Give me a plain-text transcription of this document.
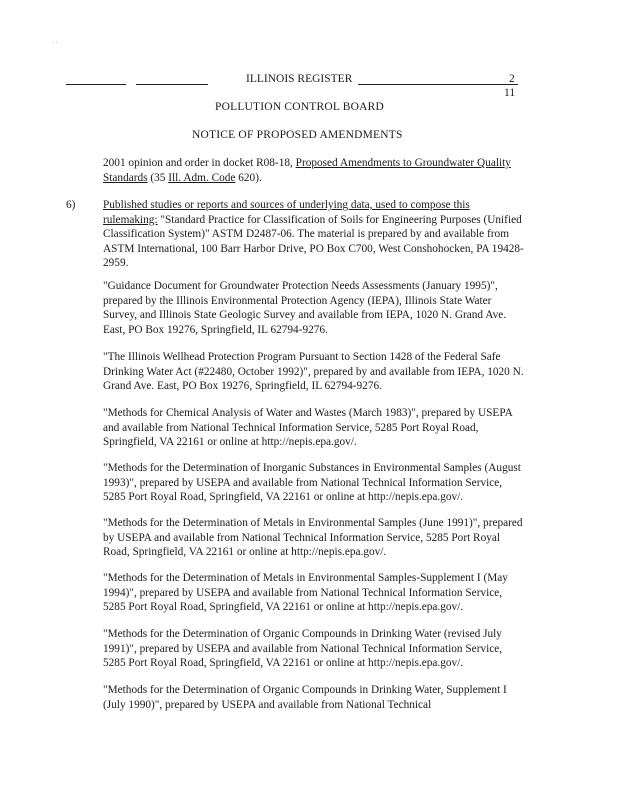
· ·
ILLINOIS REGISTER	2
11
POLLUTION CONTROL BOARD
NOTICE OF PROPOSED AMENDMENTS

2001 opinion and order in docket R08-18, Proposed Amendments to Groundwater Quality Standards (35 Ill. Adm. Code 620).

6) Published studies or reports and sources of underlying data, used to compose this rulemaking: "Standard Practice for Classification of Soils for Engineering Purposes (Unified Classification System)" ASTM D2487-06. The material is prepared by and available from ASTM International, 100 Barr Harbor Drive, PO Box C700, West Conshohocken, PA 19428-2959.

"Guidance Document for Groundwater Protection Needs Assessments (January 1995)", prepared by the Illinois Environmental Protection Agency (IEPA), Illinois State Water Survey, and Illinois State Geologic Survey and available from IEPA, 1020 N. Grand Ave. East, PO Box 19276, Springfield, IL 62794-9276.
"The Illinois Wellhead Protection Program Pursuant to Section 1428 of the Federal Safe Drinking Water Act (#22480, October 1992)", prepared by and available from IEPA, 1020 N. Grand Ave. East, PO Box 19276, Springfield, IL 62794-9276.
"Methods for Chemical Analysis of Water and Wastes (March 1983)", prepared by USEPA and available from National Technical Information Service, 5285 Port Royal Road, Springfield, VA 22161 or online at http://nepis.epa.gov/.
"Methods for the Determination of Inorganic Substances in Environmental Samples (August 1993)", prepared by USEPA and available from National Technical Information Service, 5285 Port Royal Road, Springfield, VA 22161 or online at http://nepis.epa.gov/.
"Methods for the Determination of Metals in Environmental Samples (June 1991)", prepared by USEPA and available from National Technical Information Service, 5285 Port Royal Road, Springfield, VA 22161 or online at http://nepis.epa.gov/.
"Methods for the Determination of Metals in Environmental Samples-Supplement I (May 1994)", prepared by USEPA and available from National Technical Information Service, 5285 Port Royal Road, Springfield, VA 22161 or online at http://nepis.epa.gov/.
"Methods for the Determination of Organic Compounds in Drinking Water (revised July 1991)", prepared by USEPA and available from National Technical Information Service, 5285 Port Royal Road, Springfield, VA 22161 or online at http://nepis.epa.gov/.
"Methods for the Determination of Organic Compounds in Drinking Water, Supplement I (July 1990)", prepared by USEPA and available from National Technical
